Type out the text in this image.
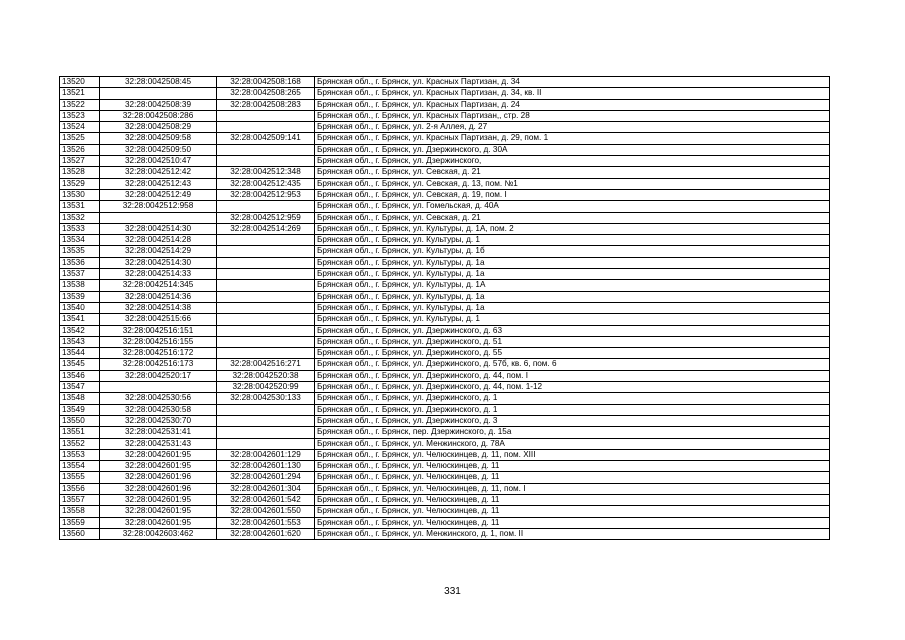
13520	32:28:0042508:45	32:28:0042508:168	Брянская обл., г. Брянск, ул. Красных Партизан, д. 34
13521		32:28:0042508:265	Брянская обл., г. Брянск, ул. Красных Партизан, д. 34, кв. II
13522	32:28:0042508:39	32:28:0042508:283	Брянская обл., г. Брянск, ул. Красных Партизан, д. 24
13523	32:28:0042508:286		Брянская обл., г. Брянск, ул. Красных Партизан,, стр. 28
13524	32:28:0042508:29		Брянская обл., г. Брянск, ул. 2-я Аллея, д. 27
13525	32:28:0042509:58	32:28:0042509:141	Брянская обл., г. Брянск, ул. Красных Партизан, д. 29, пом. 1
13526	32:28:0042509:50		Брянская обл., г. Брянск, ул. Дзержинского, д. 30А
13527	32:28:0042510:47		Брянская обл., г. Брянск, ул. Дзержинского,
13528	32:28:0042512:42	32:28:0042512:348	Брянская обл., г. Брянск, ул. Севская, д. 21
13529	32:28:0042512:43	32:28:0042512:435	Брянская обл., г. Брянск, ул. Севская, д. 13, пом. №1
13530	32:28:0042512:49	32:28:0042512:953	Брянская обл., г. Брянск, ул. Севская, д. 19, пом. I
13531	32:28:0042512:958		Брянская обл., г. Брянск, ул. Гомельская, д. 40А
13532		32:28:0042512:959	Брянская обл., г. Брянск, ул. Севская, д. 21
13533	32:28:0042514:30	32:28:0042514:269	Брянская обл., г. Брянск, ул. Культуры, д. 1А, пом. 2
13534	32:28:0042514:28		Брянская обл., г. Брянск, ул. Культуры, д. 1
13535	32:28:0042514:29		Брянская обл., г. Брянск, ул. Культуры, д. 1б
13536	32:28:0042514:30		Брянская обл., г. Брянск, ул. Культуры, д. 1а
13537	32:28:0042514:33		Брянская обл., г. Брянск, ул. Культуры, д. 1а
13538	32:28:0042514:345		Брянская обл., г. Брянск, ул. Культуры, д. 1А
13539	32:28:0042514:36		Брянская обл., г. Брянск, ул. Культуры, д. 1а
13540	32:28:0042514:38		Брянская обл., г. Брянск, ул. Культуры, д. 1а
13541	32:28:0042515:66		Брянская обл., г. Брянск, ул. Культуры, д. 1
13542	32:28:0042516:151		Брянская обл., г. Брянск, ул. Дзержинского, д. 63
13543	32:28:0042516:155		Брянская обл., г. Брянск, ул. Дзержинского, д. 51
13544	32:28:0042516:172		Брянская обл., г. Брянск, ул. Дзержинского, д. 55
13545	32:28:0042516:173	32:28:0042516:271	Брянская обл., г. Брянск, ул. Дзержинского, д. 57б, кв. 6, пом. 6
13546	32:28:0042520:17	32:28:0042520:38	Брянская обл., г. Брянск, ул. Дзержинского, д. 44, пом. I
13547		32:28:0042520:99	Брянская обл., г. Брянск, ул. Дзержинского, д. 44, пом. 1-12
13548	32:28:0042530:56	32:28:0042530:133	Брянская обл., г. Брянск, ул. Дзержинского, д. 1
13549	32:28:0042530:58		Брянская обл., г. Брянск, ул. Дзержинского, д. 1
13550	32:28:0042530:70		Брянская обл., г. Брянск, ул. Дзержинского, д. 3
13551	32:28:0042531:41		Брянская обл., г. Брянск, пер. Дзержинского, д. 15а
13552	32:28:0042531:43		Брянская обл., г. Брянск, ул. Менжинского, д. 78А
13553	32:28:0042601:95	32:28:0042601:129	Брянская обл., г. Брянск, ул. Челюскинцев, д. 11, пом. XIII
13554	32:28:0042601:95	32:28:0042601:130	Брянская обл., г. Брянск, ул. Челюскинцев, д. 11
13555	32:28:0042601:96	32:28:0042601:294	Брянская обл., г. Брянск, ул. Челюскинцев, д. 11
13556	32:28:0042601:96	32:28:0042601:304	Брянская обл., г. Брянск, ул. Челюскинцев, д. 11, пом. I
13557	32:28:0042601:95	32:28:0042601:542	Брянская обл., г. Брянск, ул. Челюскинцев, д. 11
13558	32:28:0042601:95	32:28:0042601:550	Брянская обл., г. Брянск, ул. Челюскинцев, д. 11
13559	32:28:0042601:95	32:28:0042601:553	Брянская обл., г. Брянск, ул. Челюскинцев, д. 11
13560	32:28:0042603:462	32:28:0042601:620	Брянская обл., г. Брянск, ул. Менжинского, д. 1, пом. II
331
